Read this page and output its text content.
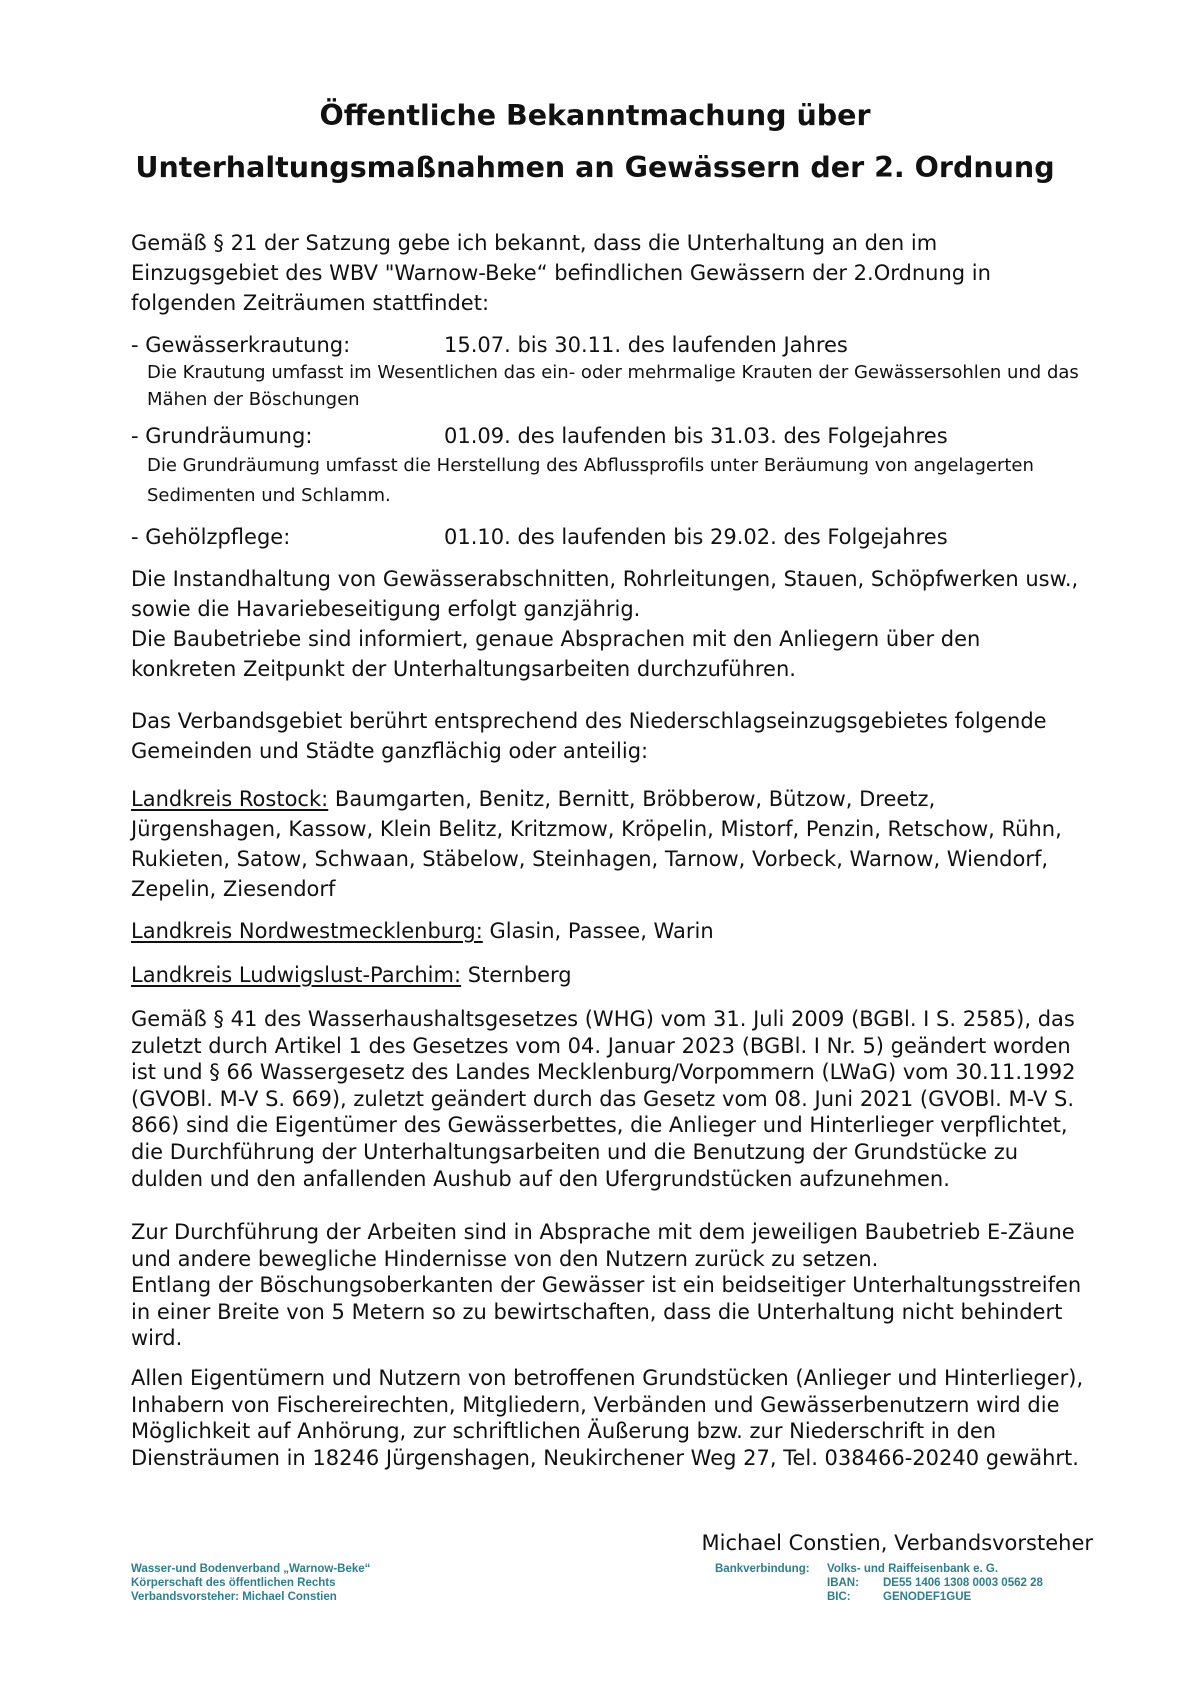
Öffentliche Bekanntmachung über
Unterhaltungsmaßnahmen an Gewässern der 2. Ordnung

Gemäß § 21 der Satzung gebe ich bekannt, dass die Unterhaltung an den im Einzugsgebiet des WBV "Warnow-Beke“ befindlichen Gewässern der 2.Ordnung in folgenden Zeiträumen stattfindet:

- Gewässerkrautung:	15.07. bis 30.11. des laufenden Jahres

Die Krautung umfasst im Wesentlichen das ein- oder mehrmalige Krauten der Gewässersohlen und das Mähen der Böschungen

- Grundräumung:	01.09. des laufenden bis 31.03. des Folgejahres

Die Grundräumung umfasst die Herstellung des Abflussprofils unter Beräumung von angelagerten Sedimenten und Schlamm.

- Gehölzpflege:	01.10. des laufenden bis 29.02. des Folgejahres

Die Instandhaltung von Gewässerabschnitten, Rohrleitungen, Stauen, Schöpfwerken usw., sowie die Havariebeseitigung erfolgt ganzjährig.

Die Baubetriebe sind informiert, genaue Absprachen mit den Anliegern über den konkreten Zeitpunkt der Unterhaltungsarbeiten durchzuführen.

Das Verbandsgebiet berührt entsprechend des Niederschlagseinzugsgebietes folgende Gemeinden und Städte ganzflächig oder anteilig:

Landkreis Rostock: Baumgarten, Benitz, Bernitt, Bröbberow, Bützow, Dreetz, Jürgenshagen, Kassow, Klein Belitz, Kritzmow, Kröpelin, Mistorf, Penzin, Retschow, Rühn, Rukieten, Satow, Schwaan, Stäbelow, Steinhagen, Tarnow, Vorbeck, Warnow, Wiendorf, Zepelin, Ziesendorf

Landkreis Nordwestmecklenburg: Glasin, Passee, Warin

Landkreis Ludwigslust-Parchim: Sternberg

Gemäß § 41 des Wasserhaushaltsgesetzes (WHG) vom 31. Juli 2009 (BGBl. I S. 2585), das zuletzt durch Artikel 1 des Gesetzes vom 04. Januar 2023 (BGBl. I Nr. 5) geändert worden ist und § 66 Wassergesetz des Landes Mecklenburg/Vorpommern (LWaG) vom 30.11.1992 (GVOBl. M-V S. 669), zuletzt geändert durch das Gesetz vom 08. Juni 2021 (GVOBl. M-V S. 866) sind die Eigentümer des Gewässerbettes, die Anlieger und Hinterlieger verpflichtet, die Durchführung der Unterhaltungsarbeiten und die Benutzung der Grundstücke zu dulden und den anfallenden Aushub auf den Ufergrundstücken aufzunehmen.

Zur Durchführung der Arbeiten sind in Absprache mit dem jeweiligen Baubetrieb E-Zäune und andere bewegliche Hindernisse von den Nutzern zurück zu setzen.

Entlang der Böschungsoberkanten der Gewässer ist ein beidseitiger Unterhaltungsstreifen in einer Breite von 5 Metern so zu bewirtschaften, dass die Unterhaltung nicht behindert wird.

Allen Eigentümern und Nutzern von betroffenen Grundstücken (Anlieger und Hinterlieger), Inhabern von Fischereirechten, Mitgliedern, Verbänden und Gewässerbenutzern wird die Möglichkeit auf Anhörung, zur schriftlichen Äußerung bzw. zur Niederschrift in den Diensträumen in 18246 Jürgenshagen, Neukirchener Weg 27, Tel. 038466-20240 gewährt.

Michael Constien, Verbandsvorsteher
Wasser-und Bodenverband „Warnow-Beke“
Körperschaft des öffentlichen Rechts
Verbandsvorsteher: Michael Constien
Bankverbindung:	Volks- und Raiffeisenbank e. G.
IBAN:	DE55 1406 1308 0003 0562 28
BIC:	GENODEF1GUE
